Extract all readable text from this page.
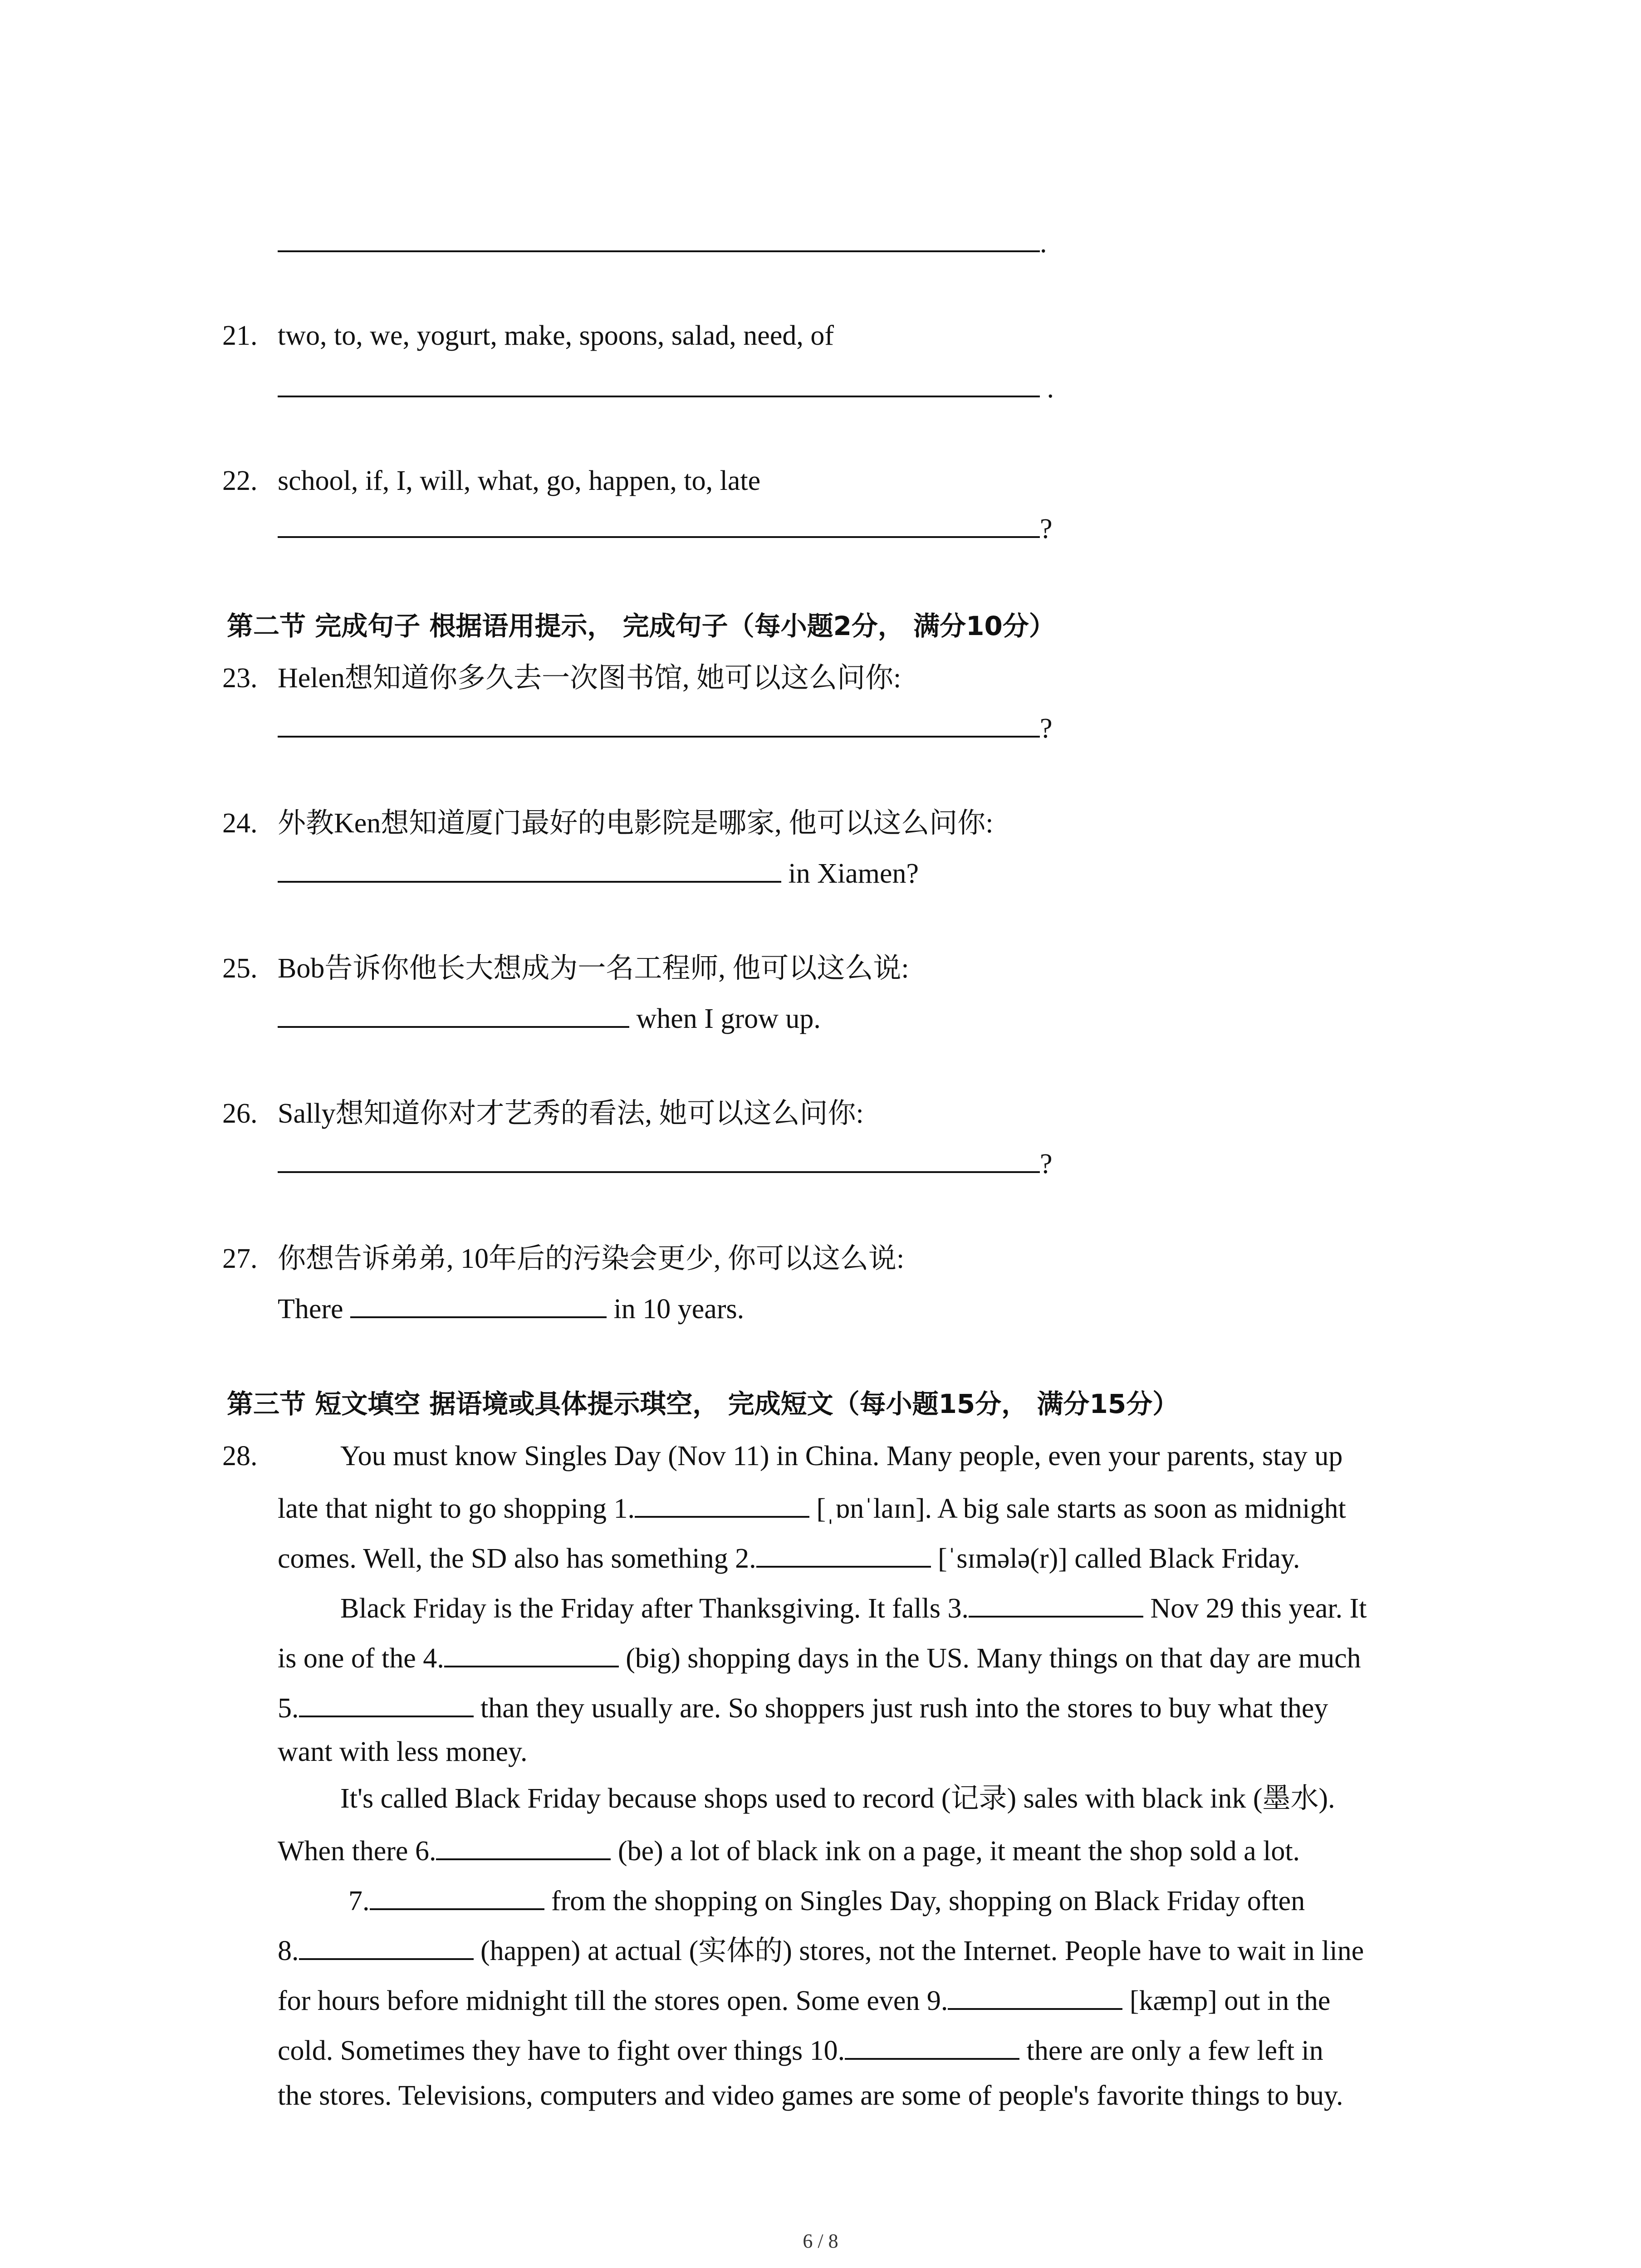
.
21. two, to, we, yogurt, make, spoons, salad, need, of
.
22. school, if, I, will, what, go, happen, to, late
?
第二节 完成句子 根据语用提示， 完成句子（每小题2分， 满分10分）
23. Helen想知道你多久去一次图书馆, 她可以这么问你:
?
24. 外教Ken想知道厦门最好的电影院是哪家, 他可以这么问你:
in Xiamen?
25. Bob告诉你他长大想成为一名工程师, 他可以这么说:
when I grow up.
26. Sally想知道你对才艺秀的看法, 她可以这么问你:
?
27. 你想告诉弟弟, 10年后的污染会更少, 你可以这么说:
There	in 10 years.
第三节 短文填空 据语境或具体提示琪空， 完成短文（每小题15分， 满分15分）
28.	You must know Singles Day (Nov 11) in China. Many people, even your parents, stay up
late that night to go shopping 1.	[ˌɒnˈlaɪn]. A big sale starts as soon as midnight
comes. Well, the SD also has something 2.	[ˈsɪmələ(r)] called Black Friday.
Black Friday is the Friday after Thanksgiving. It falls 3.	Nov 29 this year. It
is one of the 4.	(big) shopping days in the US. Many things on that day are much
5.	than they usually are. So shoppers just rush into the stores to buy what they
want with less money.
It's called Black Friday because shops used to record (记录) sales with black ink (墨水).
When there 6.	(be) a lot of black ink on a page, it meant the shop sold a lot.
7.	from the shopping on Singles Day, shopping on Black Friday often
8.	(happen) at actual (实体的) stores, not the Internet. People have to wait in line
for hours before midnight till the stores open. Some even 9.	[kæmp] out in the
cold. Sometimes they have to fight over things 10.	there are only a few left in
the stores. Televisions, computers and video games are some of people's favorite things to buy.
6 / 8
